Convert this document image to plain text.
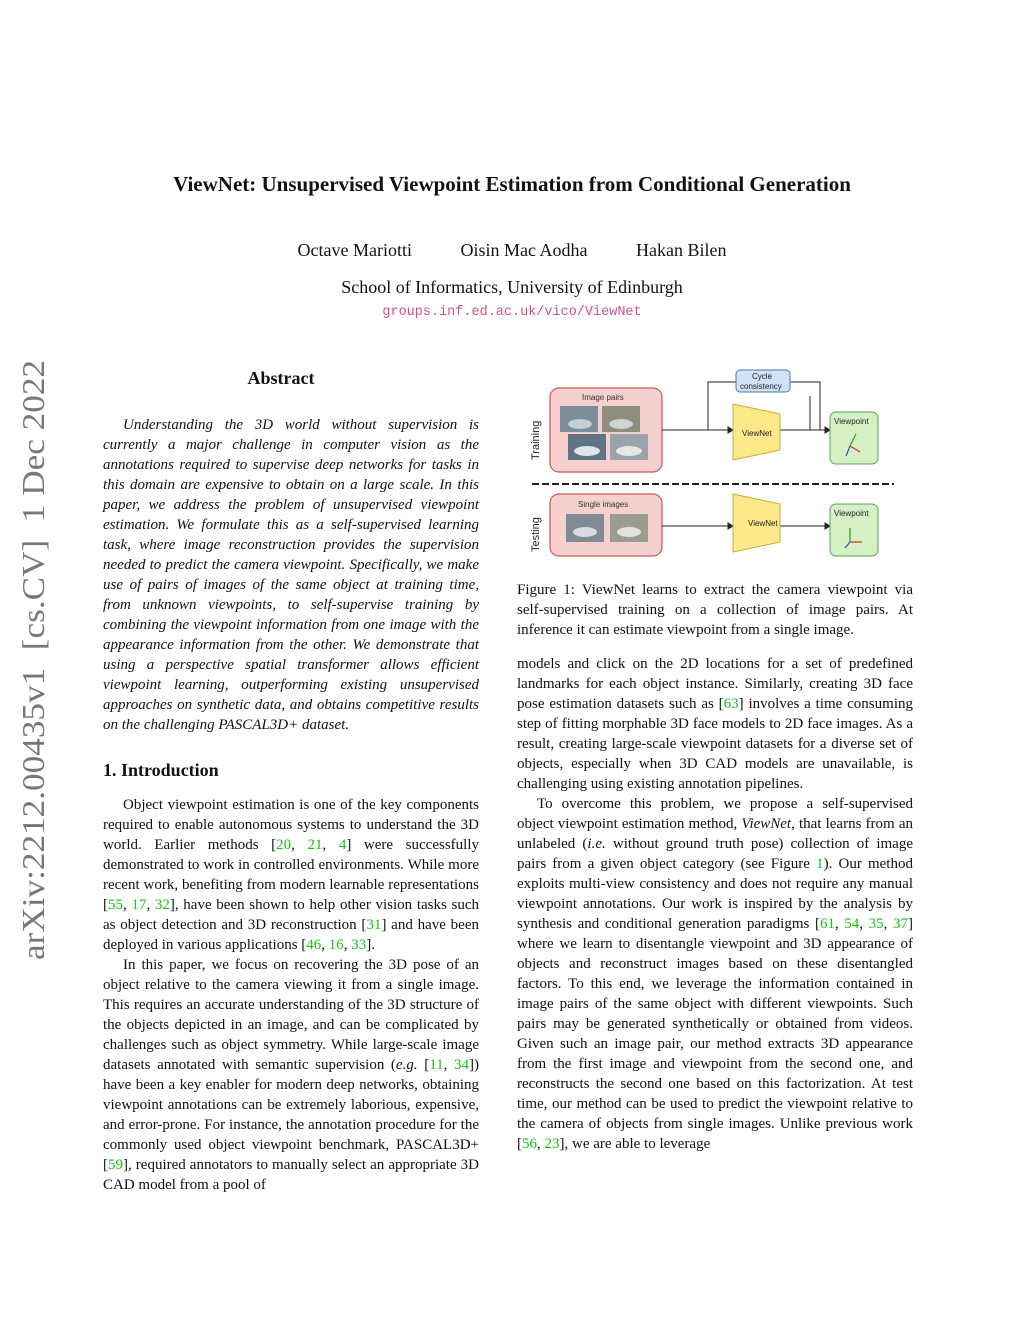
ViewNet: Unsupervised Viewpoint Estimation from Conditional Generation
Octave Mariotti	Oisin Mac Aodha	Hakan Bilen
School of Informatics, University of Edinburgh
groups.inf.ed.ac.uk/vico/ViewNet
arXiv:2212.00435v1  [cs.CV]  1 Dec 2022
Abstract

Understanding the 3D world without supervision is currently a major challenge in computer vision as the annotations required to supervise deep networks for tasks in this domain are expensive to obtain on a large scale. In this paper, we address the problem of unsupervised viewpoint estimation. We formulate this as a self-supervised learning task, where image reconstruction provides the supervision needed to predict the camera viewpoint. Specifically, we make use of pairs of images of the same object at training time, from unknown viewpoints, to self-supervise training by combining the viewpoint information from one image with the appearance information from the other. We demonstrate that using a perspective spatial transformer allows efficient viewpoint learning, outperforming existing unsupervised approaches on synthetic data, and obtains competitive results on the challenging PASCAL3D+ dataset.

1. Introduction

Object viewpoint estimation is one of the key components required to enable autonomous systems to understand the 3D world. Earlier methods [20, 21, 4] were successfully demonstrated to work in controlled environments. While more recent work, benefiting from modern learnable representations [55, 17, 32], have been shown to help other vision tasks such as object detection and 3D reconstruction [31] and have been deployed in various applications [46, 16, 33].

In this paper, we focus on recovering the 3D pose of an object relative to the camera viewing it from a single image. This requires an accurate understanding of the 3D structure of the objects depicted in an image, and can be complicated by challenges such as object symmetry. While large-scale image datasets annotated with semantic supervision (e.g. [11, 34]) have been a key enabler for modern deep networks, obtaining viewpoint annotations can be extremely laborious, expensive, and error-prone. For instance, the annotation procedure for the commonly used object viewpoint benchmark, PASCAL3D+ [59], required annotators to manually select an appropriate 3D CAD model from a pool of

Training
Testing
Image pairs
Single images
Cycle
consistency
ViewNet
ViewNet
Viewpoint
Viewpoint

Figure 1: ViewNet learns to extract the camera viewpoint via self-supervised training on a collection of image pairs. At inference it can estimate viewpoint from a single image.

models and click on the 2D locations for a set of predefined landmarks for each object instance. Similarly, creating 3D face pose estimation datasets such as [63] involves a time consuming step of fitting morphable 3D face models to 2D face images. As a result, creating large-scale viewpoint datasets for a diverse set of objects, especially when 3D CAD models are unavailable, is challenging using existing annotation pipelines.

To overcome this problem, we propose a self-supervised object viewpoint estimation method, ViewNet, that learns from an unlabeled (i.e. without ground truth pose) collection of image pairs from a given object category (see Figure 1). Our method exploits multi-view consistency and does not require any manual viewpoint annotations. Our work is inspired by the analysis by synthesis and conditional generation paradigms [61, 54, 35, 37] where we learn to disentangle viewpoint and 3D appearance of objects and reconstruct images based on these disentangled factors. To this end, we leverage the information contained in image pairs of the same object with different viewpoints. Such pairs may be generated synthetically or obtained from videos. Given such an image pair, our method extracts 3D appearance from the first image and viewpoint from the second one, and reconstructs the second one based on this factorization. At test time, our method can be used to predict the viewpoint relative to the camera of objects from single images. Unlike previous work [56, 23], we are able to leverage
